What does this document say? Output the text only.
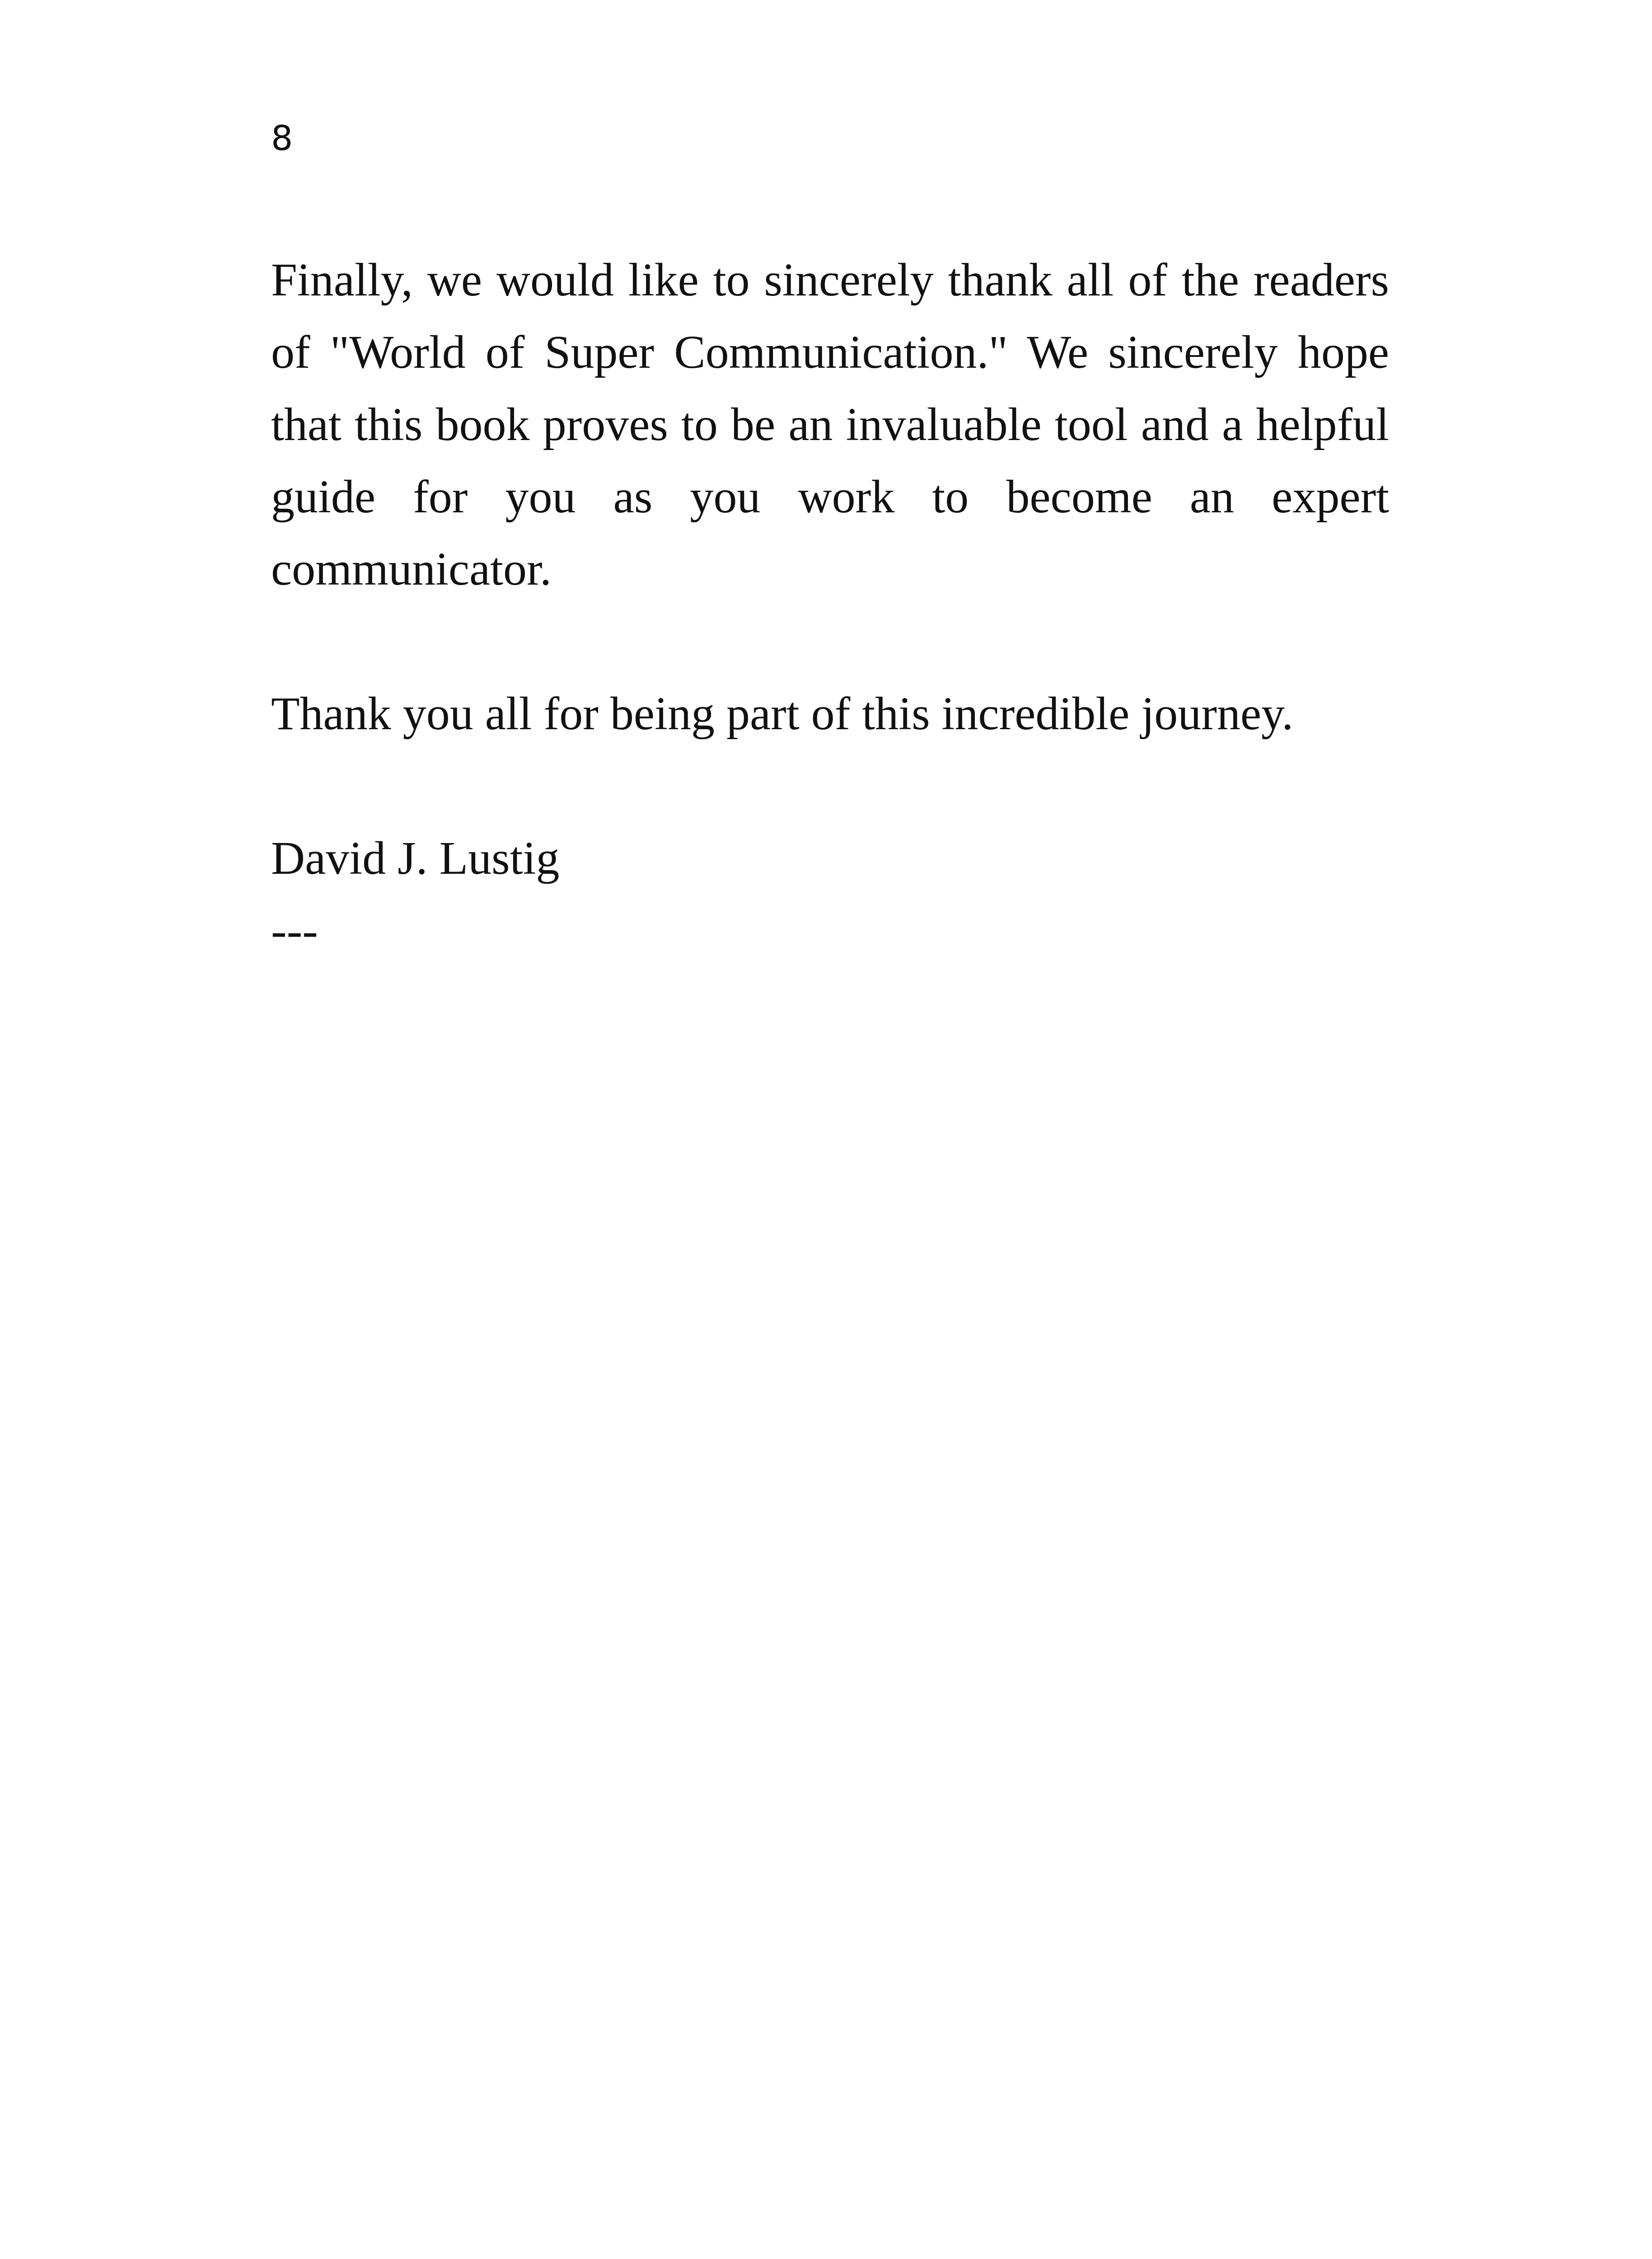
8

Finally, we would like to sincerely thank all of the readers of "World of Super Communication." We sincerely hope that this book proves to be an invaluable tool and a helpful guide for you as you work to become an expert communicator.

Thank you all for being part of this incredible journey.

David J. Lustig

---
